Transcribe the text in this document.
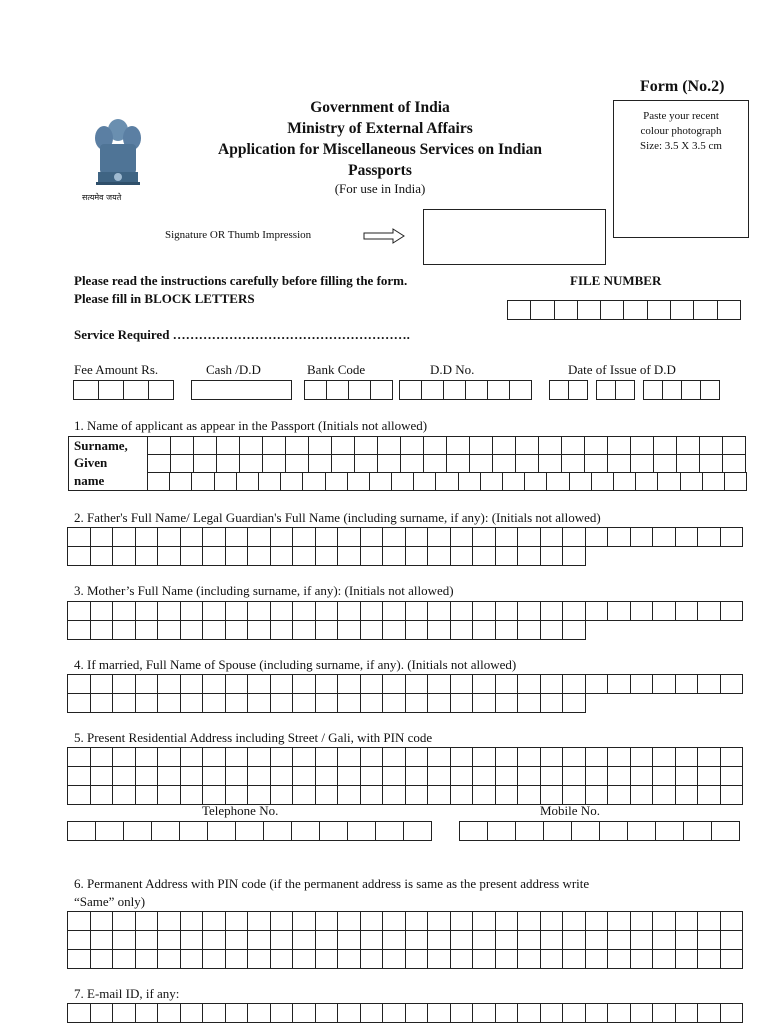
Form (No.2)
सत्यमेव जयते
Government of India
Ministry of External Affairs
Application for Miscellaneous Services on Indian
Passports
(For use in India)
Paste your recent
colour photograph
Size: 3.5 X 3.5 cm
Signature OR Thumb Impression
Please read the instructions carefully before filling the form.
Please fill in BLOCK LETTERS
FILE NUMBER
Service Required ……………………………………………….
Fee Amount Rs.	Cash /D.D	Bank Code	D.D No.	Date of Issue of D.D
1. Name of applicant as appear in the Passport (Initials not allowed)
Surname,
Given
name
2. Father's Full Name/ Legal Guardian's Full Name (including surname, if any): (Initials not allowed)
3. Mother’s Full Name (including surname, if any): (Initials not allowed)
4. If married, Full Name of Spouse (including surname, if any). (Initials not allowed)
5. Present Residential Address including Street / Gali, with PIN code
Telephone No.	Mobile No.
6. Permanent Address with PIN code (if the permanent address is same as the present address write
“Same” only)
7. E-mail ID, if any:
